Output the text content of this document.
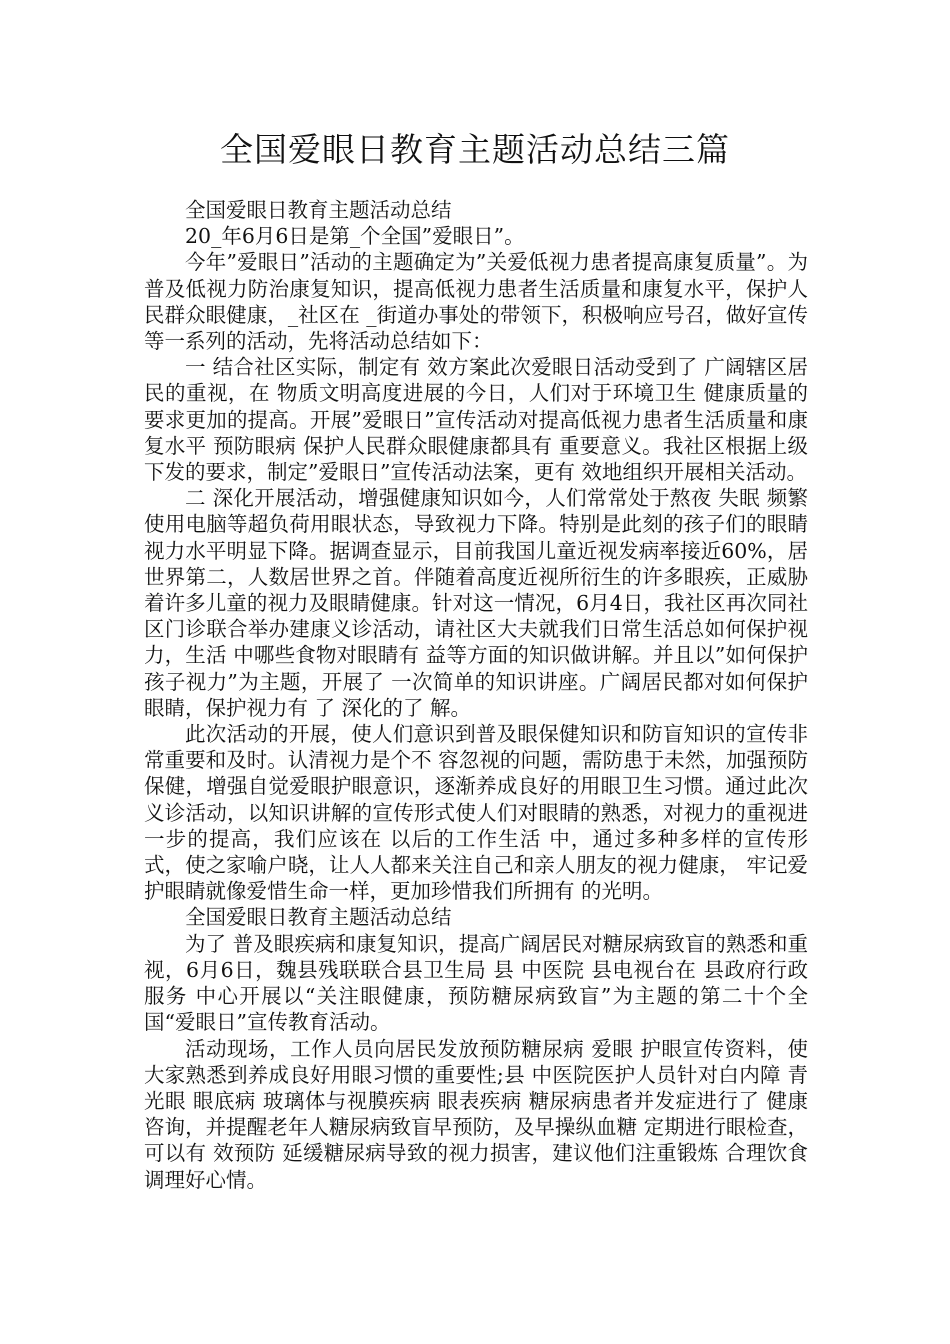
全国爱眼日教育主题活动总结三篇

全国爱眼日教育主题活动总结

20_年6月6日是第_个全国”爱眼日”。

今年”爱眼日”活动的主题确定为”关爱低视力患者提高康复质量”。为普及低视力防治康复知识，提高低视力患者生活质量和康复水平，保护人民群众眼健康，_社区在 _街道办事处的带领下，积极响应号召，做好宣传等一系列的活动，先将活动总结如下：

一 结合社区实际，制定有 效方案此次爱眼日活动受到了 广阔辖区居民的重视，在 物质文明高度进展的今日，人们对于环境卫生 健康质量的要求更加的提高。开展”爱眼日”宣传活动对提高低视力患者生活质量和康复水平 预防眼病 保护人民群众眼健康都具有 重要意义。我社区根据上级下发的要求，制定”爱眼日”宣传活动法案，更有 效地组织开展相关活动。

二 深化开展活动，增强健康知识如今，人们常常处于熬夜 失眠 频繁使用电脑等超负荷用眼状态，导致视力下降。特别是此刻的孩子们的眼睛视力水平明显下降。据调查显示，目前我国儿童近视发病率接近60%，居世界第二，人数居世界之首。伴随着高度近视所衍生的许多眼疾，正威胁着许多儿童的视力及眼睛健康。针对这一情况，6月4日，我社区再次同社区门诊联合举办建康义诊活动，请社区大夫就我们日常生活总如何保护视力，生活 中哪些食物对眼睛有 益等方面的知识做讲解。并且以”如何保护孩子视力”为主题，开展了 一次简单的知识讲座。广阔居民都对如何保护眼睛，保护视力有 了 深化的了 解。

此次活动的开展，使人们意识到普及眼保健知识和防盲知识的宣传非常重要和及时。认清视力是个不 容忽视的问题，需防患于未然，加强预防 保健，增强自觉爱眼护眼意识，逐渐养成良好的用眼卫生习惯。通过此次义诊活动，以知识讲解的宣传形式使人们对眼睛的熟悉，对视力的重视进一步的提高，我们应该在 以后的工作生活 中，通过多种多样的宣传形式，使之家喻户晓，让人人都来关注自己和亲人朋友的视力健康， 牢记爱护眼睛就像爱惜生命一样，更加珍惜我们所拥有 的光明。

全国爱眼日教育主题活动总结

为了 普及眼疾病和康复知识，提高广阔居民对糖尿病致盲的熟悉和重视，6月6日，魏县残联联合县卫生局 县 中医院 县电视台在 县政府行政服务 中心开展以“关注眼健康，预防糖尿病致盲”为主题的第二十个全国“爱眼日”宣传教育活动。

活动现场，工作人员向居民发放预防糖尿病 爱眼 护眼宣传资料，使大家熟悉到养成良好用眼习惯的重要性;县 中医院医护人员针对白内障 青光眼 眼底病 玻璃体与视膜疾病 眼表疾病 糖尿病患者并发症进行了 健康咨询，并提醒老年人糖尿病致盲早预防，及早操纵血糖 定期进行眼检查，可以有 效预防 延缓糖尿病导致的视力损害，建议他们注重锻炼 合理饮食 调理好心情。
